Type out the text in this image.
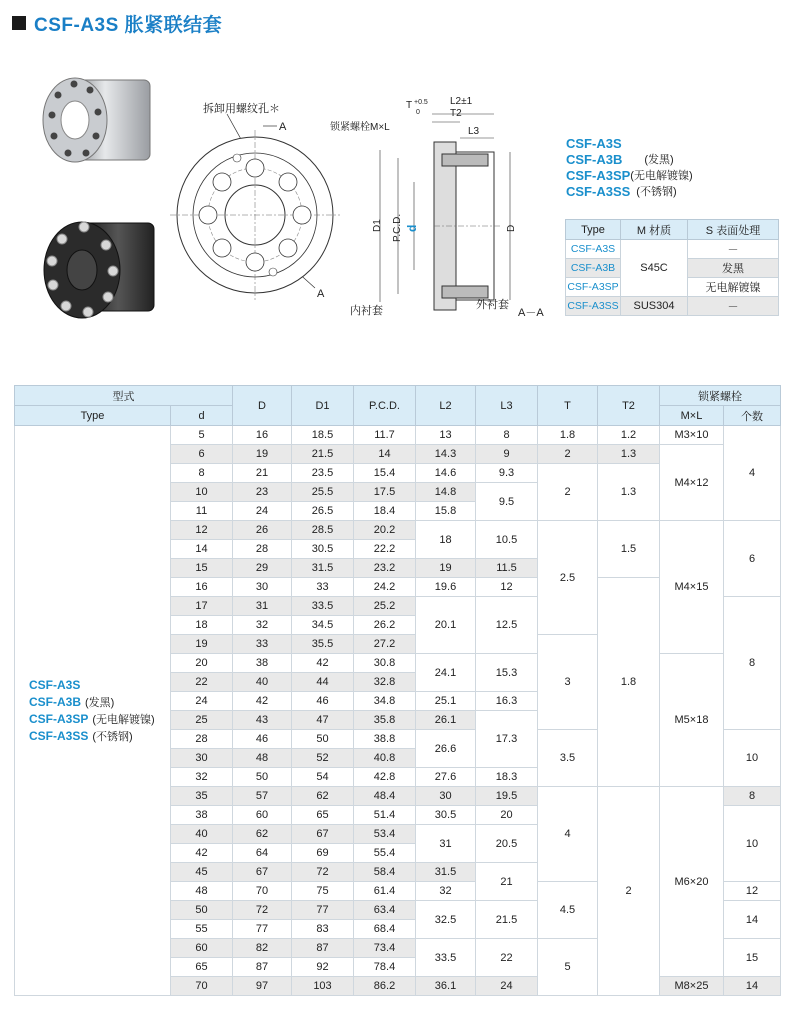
CSF-A3S 胀紧联结套
拆卸用螺纹孔＊
A
A
T +0.5
0
L2±1
T2
L3
锁紧螺栓M×L
D1 P.C.D. d	D
内衬套	外衬套
A－A
CSF-A3S
CSF-A3B (发黑)
CSF-A3SP (无电解镀镍)
CSF-A3SS (不锈钢)
Type	M 材质	S 表面处理
CSF-A3S	S45C	－
CSF-A3B		发黑
CSF-A3SP		无电解镀镍
CSF-A3SS	SUS304	－
型式		D	D1	P.C.D.	L2	L3	T	T2	锁紧螺栓	
Type	d								M×L	个数

CSF-A3S
CSF-A3B (发黑)
CSF-A3SP (无电解镀镍)
CSF-A3SS (不锈钢)	5	16	18.5	11.7	13	8	1.8	1.2	M3×10	4
	6	19	21.5	14	14.3	9	2	1.3	M4×12	
	8	21	23.5	15.4	14.6	9.3	2	1.3		
	10	23	25.5	17.5	14.8	9.5				
	11	24	26.5	18.4	15.8					
	12	26	28.5	20.2	18	10.5	2.5	1.5	M4×15	6
	14	28	30.5	22.2						
	15	29	31.5	23.2	19	11.5				
	16	30	33	24.2	19.6	12		1.8		
	17	31	33.5	25.2	20.1	12.5				8
	18	32	34.5	26.2						
	19	33	35.5	27.2			3			
	20	38	42	30.8	24.1	15.3			M5×18	
	22	40	44	32.8						
	24	42	46	34.8	25.1	16.3				
	25	43	47	35.8	26.1	17.3				
	28	46	50	38.8	26.6		3.5			10
	30	48	52	40.8						
	32	50	54	42.8	27.6	18.3				
	35	57	62	48.4	30	19.5	4	2	M6×20	8
	38	60	65	51.4	30.5	20				10
	40	62	67	53.4	31	20.5				
	42	64	69	55.4						
	45	67	72	58.4	31.5	21				
	48	70	75	61.4	32		4.5			12
	50	72	77	63.4	32.5	21.5				14
	55	77	83	68.4						
	60	82	87	73.4	33.5	22	5			15
	65	87	92	78.4						
	70	97	103	86.2	36.1	24			M8×25	14
